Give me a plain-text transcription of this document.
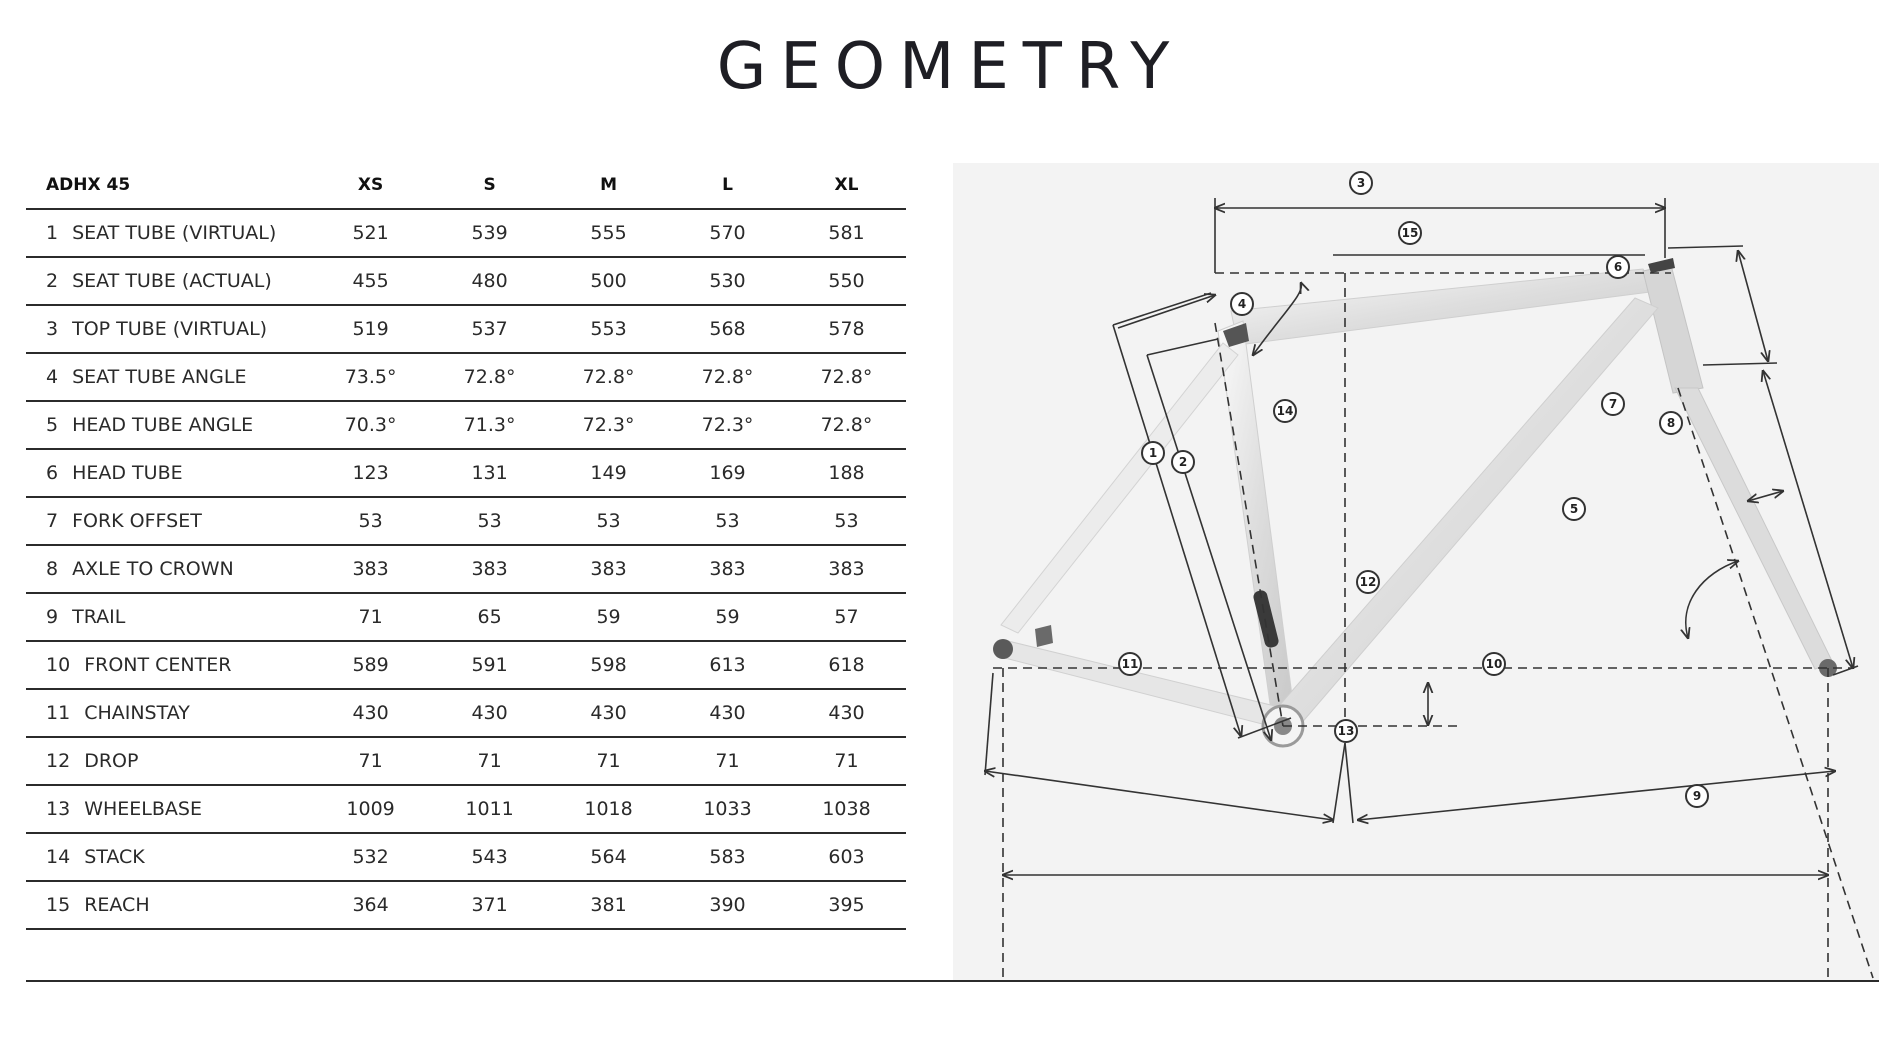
GEOMETRY
ADHX 45	XS	S	M	L	XL
1 SEAT TUBE (VIRTUAL)	521	539	555	570	581
2 SEAT TUBE (ACTUAL)	455	480	500	530	550
3 TOP TUBE (VIRTUAL)	519	537	553	568	578
4 SEAT TUBE ANGLE	73.5°	72.8°	72.8°	72.8°	72.8°
5 HEAD TUBE ANGLE	70.3°	71.3°	72.3°	72.3°	72.8°
6 HEAD TUBE	123	131	149	169	188
7 FORK OFFSET	53	53	53	53	53
8 AXLE TO CROWN	383	383	383	383	383
9 TRAIL	71	65	59	59	57
10 FRONT CENTER	589	591	598	613	618
11 CHAINSTAY	430	430	430	430	430
12 DROP	71	71	71	71	71
13 WHEELBASE	1009	1011	1018	1033	1038
14 STACK	532	543	564	583	603
15 REACH	364	371	381	390	395
1
2
3
4
5
6
7
8
9
10
11
12
13
14
15
